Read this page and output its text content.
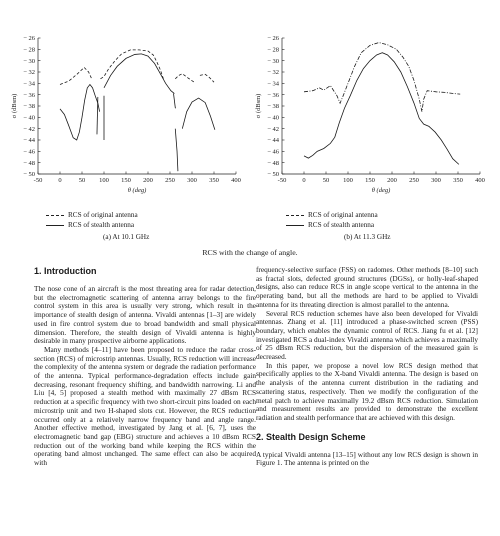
-50 0	50 100 150 200 250 300 350 400
− 26
− 28
− 30
− 32
− 34
− 36
− 38
− 40
− 42
− 44
− 46
− 48
− 50
θ (deg)
σ (dBsm)
-50 0	50 100 150 200 250 300 350 400
− 26
− 28
− 30
− 32
− 34
− 36
− 38
− 40
− 42
− 44
− 46
− 48
− 50
θ (deg)
σ (dBsm)
RCS of original antenna
RCS of stealth antenna
RCS of original antenna
RCS of stealth antenna
(a) At 10.1 GHz	(b) At 11.3 GHz
RCS with the change of angle.
1. Introduction

The nose cone of an aircraft is the most threating area for radar detection, but the electromagnetic scattering of antenna array belongs to the fire control system in this area is usually very strong, which result in the importance of stealth design of antenna. Vivaldi antennas [1–3] are widely used in fire control system due to broad bandwidth and small physical dimension. Therefore, the stealth design of Vivaldi antenna is highly desirable in many prospective airborne applications.

Many methods [4–11] have been proposed to reduce the radar cross-section (RCS) of microstrip antennas. Usually, RCS reduction will increase the complexity of the antenna system or degrade the radiation performance of the antenna. Typical performance-degradation effects include gain decreasing, resonant frequency shifting, and bandwidth narrowing. Li and Liu [4, 5] proposed a stealth method with maximally 27 dBsm RCS reduction at a specific frequency with two short-circuit pins loaded on each microstrip unit and two H-shaped slots cut. However, the RCS reduction occurred only at a relatively narrow frequency band and angle range. Another effective method, investigated by Jang et al. [6, 7], uses the electromagnetic band gap (EBG) structure and achieves a 10 dBsm RCS reduction out of the working band while keeping the RCS within the operating band almost unchanged. The same effect can also be acquired with

frequency-selective surface (FSS) on radomes. Other methods [8–10] such as fractal slots, defected ground structures (DGSs), or holly-leaf-shaped designs, also can reduce RCS in angle scope vertical to the antenna in the operating band, but all the methods are hard to be applied to Vivaldi antenna for its threating direction is almost parallel to the antenna.

Several RCS reduction schemes have also been developed for Vivaldi antennas. Zhang et al. [11] introduced a phase-switched screen (PSS) boundary, which enables the dynamic control of RCS. Jiang fu et al. [12] investigated RCS a dual-index Vivaldi antenna which achieves a maximally of 25 dBsm RCS reduction, but the dispersion of the measured gain is decreased.

In this paper, we propose a novel low RCS design method that specifically applies to the X-band Vivaldi antenna. The design is based on the analysis of the antenna current distribution in the radiating and scattering status, respectively. Then we modify the configuration of the metal patch to achieve maximally 19.2 dBsm RCS reduction. Simulation and measurement results are provided to demonstrate the excellent radiation and stealth performance that are achieved with this design.

2. Stealth Design Scheme

A typical Vivaldi antenna [13–15] without any low RCS design is shown in Figure 1. The antenna is printed on the
